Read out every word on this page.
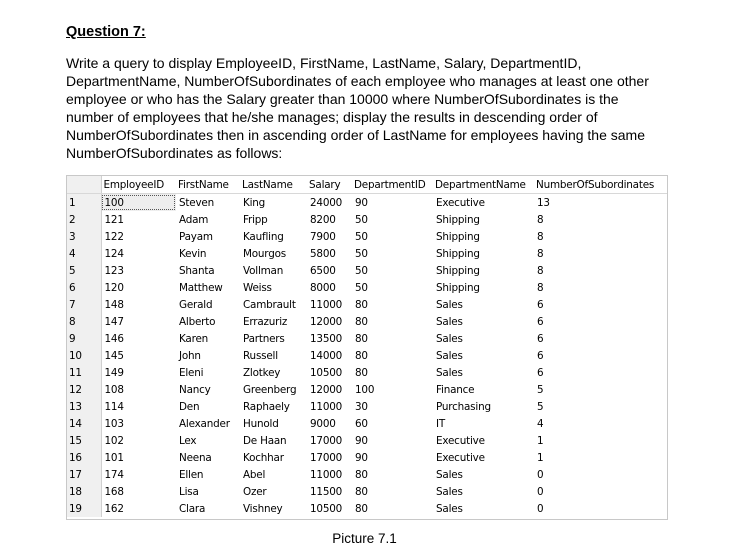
Question 7:

Write a query to display EmployeeID, FirstName, LastName, Salary, DepartmentID, DepartmentName, NumberOfSubordinates of each employee who manages at least one other employee or who has the Salary greater than 10000 where NumberOfSubordinates is the number of employees that he/she manages; display the results in descending order of NumberOfSubordinates then in ascending order of LastName for employees having the same NumberOfSubordinates as follows:

	EmployeeID	FirstName	LastName	Salary	DepartmentID	DepartmentName	NumberOfSubordinates
1	100	Steven	King	24000	90	Executive	13
2	121	Adam	Fripp	8200	50	Shipping	8
3	122	Payam	Kaufling	7900	50	Shipping	8
4	124	Kevin	Mourgos	5800	50	Shipping	8
5	123	Shanta	Vollman	6500	50	Shipping	8
6	120	Matthew	Weiss	8000	50	Shipping	8
7	148	Gerald	Cambrault	11000	80	Sales	6
8	147	Alberto	Errazuriz	12000	80	Sales	6
9	146	Karen	Partners	13500	80	Sales	6
10	145	John	Russell	14000	80	Sales	6
11	149	Eleni	Zlotkey	10500	80	Sales	6
12	108	Nancy	Greenberg	12000	100	Finance	5
13	114	Den	Raphaely	11000	30	Purchasing	5
14	103	Alexander	Hunold	9000	60	IT	4
15	102	Lex	De Haan	17000	90	Executive	1
16	101	Neena	Kochhar	17000	90	Executive	1
17	174	Ellen	Abel	11000	80	Sales	0
18	168	Lisa	Ozer	11500	80	Sales	0
19	162	Clara	Vishney	10500	80	Sales	0

Picture 7.1
